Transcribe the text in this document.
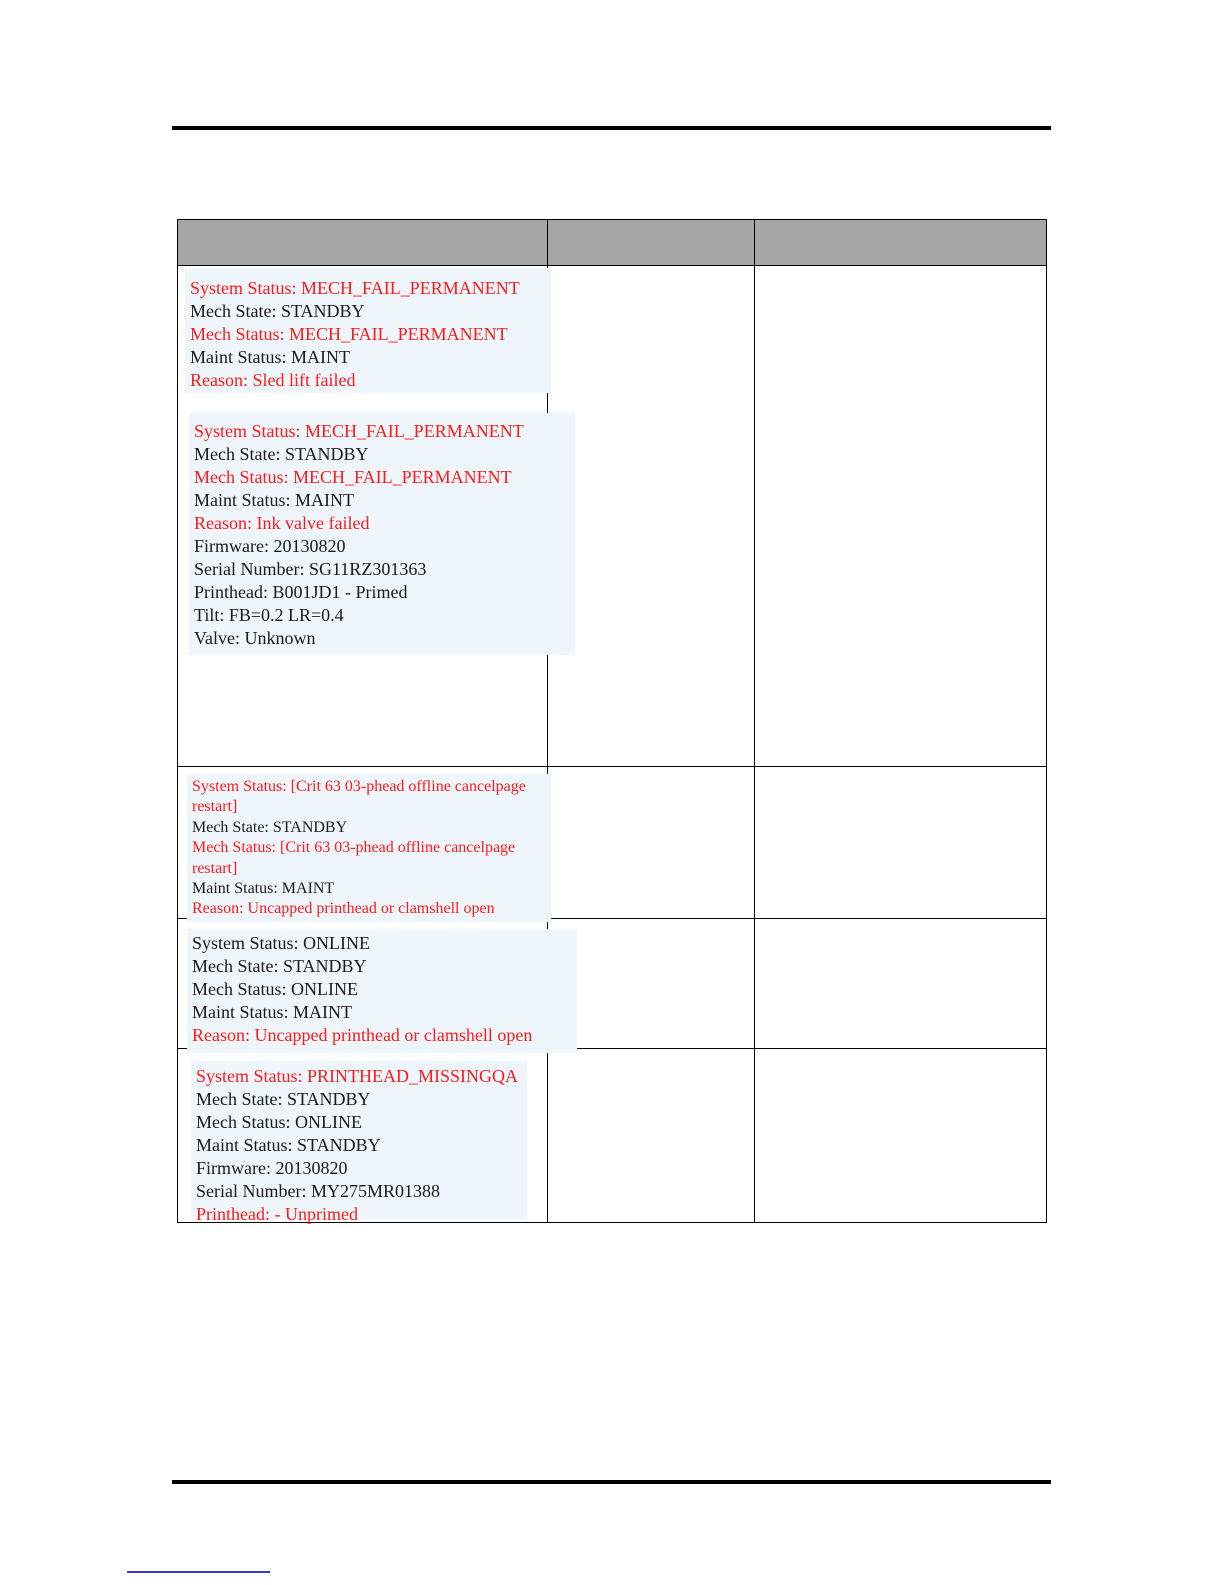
System Status: MECH_FAIL_PERMANENT
Mech State: STANDBY
Mech Status: MECH_FAIL_PERMANENT
Maint Status: MAINT
Reason: Sled lift failed
System Status: MECH_FAIL_PERMANENT
Mech State: STANDBY
Mech Status: MECH_FAIL_PERMANENT
Maint Status: MAINT
Reason: Ink valve failed
Firmware: 20130820
Serial Number: SG11RZ301363
Printhead: B001JD1 - Primed
Tilt: FB=0.2 LR=0.4
Valve: Unknown
System Status: [Crit 63 03-phead offline cancelpage
restart]
Mech State: STANDBY
Mech Status: [Crit 63 03-phead offline cancelpage
restart]
Maint Status: MAINT
Reason: Uncapped printhead or clamshell open
System Status: ONLINE
Mech State: STANDBY
Mech Status: ONLINE
Maint Status: MAINT
Reason: Uncapped printhead or clamshell open
System Status: PRINTHEAD_MISSINGQA
Mech State: STANDBY
Mech Status: ONLINE
Maint Status: STANDBY
Firmware: 20130820
Serial Number: MY275MR01388
Printhead: - Unprimed
